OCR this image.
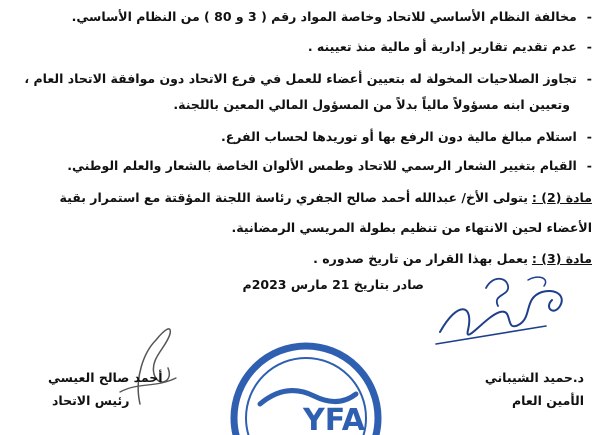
- مخالفة النظام الأساسي للاتحاد وخاصة المواد رقم ( 3 و 80 ) من النظام الأساسي.
- عدم تقديم تقارير إدارية أو مالية منذ تعيينه .
- تجاوز الصلاحيات المخولة له بتعيين أعضاء للعمل في فرع الاتحاد دون موافقة الاتحاد العام ،
وتعيين ابنه مسؤولاً مالياً بدلاً من المسؤول المالي المعين باللجنة.
- استلام مبالغ مالية دون الرفع بها أو توريدها لحساب الفرع.
- القيام بتغيير الشعار الرسمي للاتحاد وطمس الألوان الخاصة بالشعار والعلم الوطني.
مادة (2) :يتولى الأخ/ عبدالله أحمد صالح الجفري رئاسة اللجنة المؤقتة مع استمرار بقية
الأعضاء لحين الانتهاء من تنظيم بطولة المريسي الرمضانية.
مادة (3) :يعمل بهذا القرار من تاريخ صدوره .
صادر بتاريخ 21 مارس 2023م
YFA
د.حميد الشيباني
الأمين العام
أحمد صالح العيسي
رئيس الاتحاد
